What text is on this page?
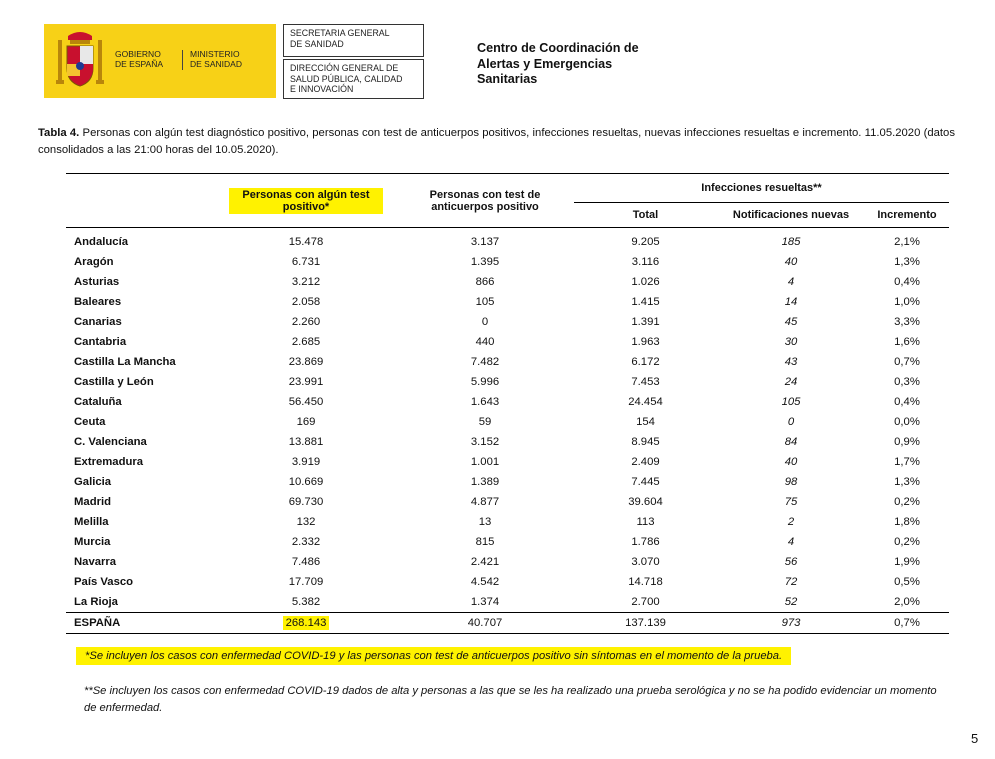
GOBIERNO
DE ESPAÑA
MINISTERIO
DE SANIDAD
SECRETARIA GENERAL
DE SANIDAD
DIRECCIÓN GENERAL DE
SALUD PÚBLICA, CALIDAD
E INNOVACIÓN
Centro de Coordinación de
Alertas y Emergencias
Sanitarias
Tabla 4. Personas con algún test diagnóstico positivo, personas con test de anticuerpos positivos, infecciones resueltas, nuevas infecciones resueltas e incremento. 11.05.2020 (datos consolidados a las 21:00 horas del 10.05.2020).
	Personas con algún test positivo*	Personas con test de anticuerpos positivo	Infecciones resueltas**		
			Total	Notificaciones nuevas	Incremento
Andalucía	15.478	3.137	9.205	185	2,1%
Aragón	6.731	1.395	3.116	40	1,3%
Asturias	3.212	866	1.026	4	0,4%
Baleares	2.058	105	1.415	14	1,0%
Canarias	2.260	0	1.391	45	3,3%
Cantabria	2.685	440	1.963	30	1,6%
Castilla La Mancha	23.869	7.482	6.172	43	0,7%
Castilla y León	23.991	5.996	7.453	24	0,3%
Cataluña	56.450	1.643	24.454	105	0,4%
Ceuta	169	59	154	0	0,0%
C. Valenciana	13.881	3.152	8.945	84	0,9%
Extremadura	3.919	1.001	2.409	40	1,7%
Galicia	10.669	1.389	7.445	98	1,3%
Madrid	69.730	4.877	39.604	75	0,2%
Melilla	132	13	113	2	1,8%
Murcia	2.332	815	1.786	4	0,2%
Navarra	7.486	2.421	3.070	56	1,9%
País Vasco	17.709	4.542	14.718	72	0,5%
La Rioja	5.382	1.374	2.700	52	2,0%
ESPAÑA	268.143	40.707	137.139	973	0,7%
*Se incluyen los casos con enfermedad COVID-19 y las personas con test de anticuerpos positivo sin síntomas en el momento de la prueba.
**Se incluyen los casos con enfermedad COVID-19 dados de alta y personas a las que se les ha realizado una prueba serológica y no se ha podido evidenciar un momento de enfermedad.
5
